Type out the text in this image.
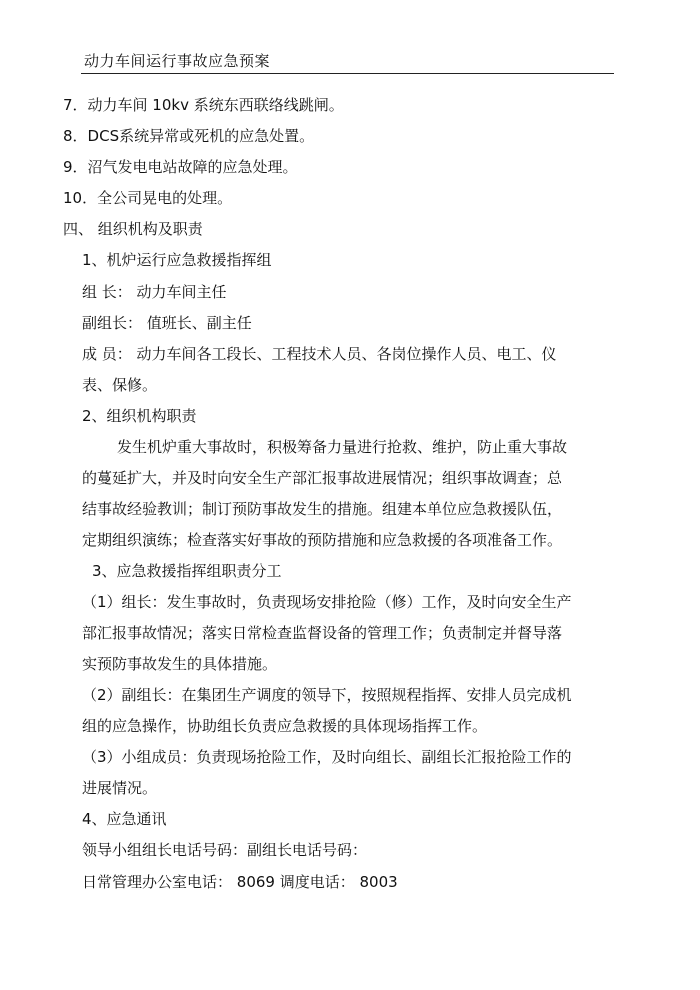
动力车间运行事故应急预案
7．动力车间 10kv 系统东西联络线跳闸。
8．DCS系统异常或死机的应急处置。
9．沼气发电电站故障的应急处理。
10．全公司晃电的处理。
四、 组织机构及职责
1、机炉运行应急救援指挥组
组 长： 动力车间主任
副组长： 值班长、副主任
成 员： 动力车间各工段长、工程技术人员、各岗位操作人员、电工、仪
表、保修。
2、组织机构职责
发生机炉重大事故时，积极筹备力量进行抢救、维护，防止重大事故
的蔓延扩大，并及时向安全生产部汇报事故进展情况；组织事故调查；总
结事故经验教训；制订预防事故发生的措施。组建本单位应急救援队伍，
定期组织演练；检查落实好事故的预防措施和应急救援的各项准备工作。
3、应急救援指挥组职责分工
（1）组长：发生事故时，负责现场安排抢险（修）工作，及时向安全生产
部汇报事故情况；落实日常检查监督设备的管理工作；负责制定并督导落
实预防事故发生的具体措施。
（2）副组长：在集团生产调度的领导下，按照规程指挥、安排人员完成机
组的应急操作，协助组长负责应急救援的具体现场指挥工作。
（3）小组成员：负责现场抢险工作，及时向组长、副组长汇报抢险工作的
进展情况。
4、应急通讯
领导小组组长电话号码：副组长电话号码：
日常管理办公室电话： 8069 调度电话： 8003
